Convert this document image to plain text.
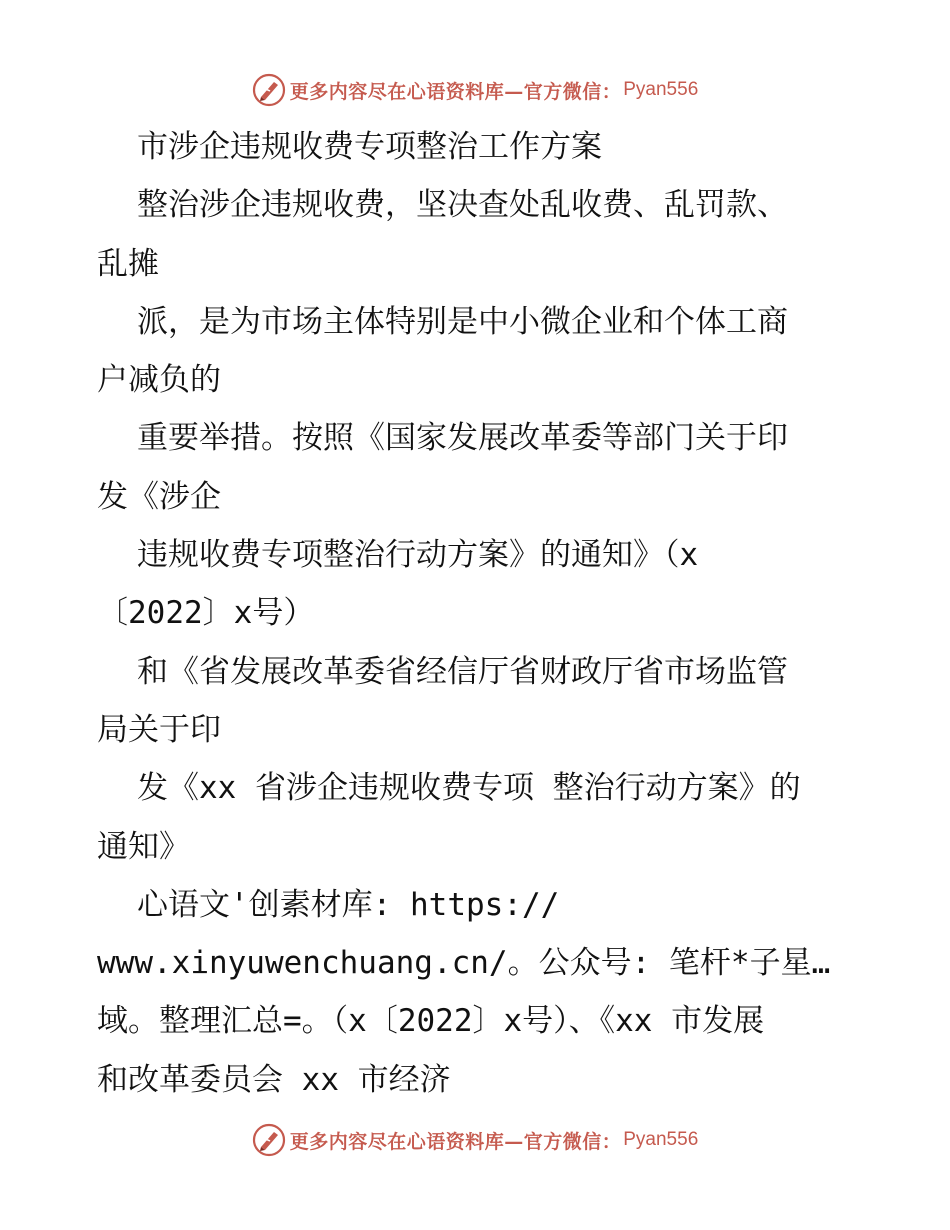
更多内容尽在心语资料库—官方微信： Pyan556
市涉企违规收费专项整治工作方案
整治涉企违规收费，坚决查处乱收费、乱罚款、
乱摊
派，是为市场主体特别是中小微企业和个体工商
户减负的
重要举措。按照《国家发展改革委等部门关于印
发《涉企
违规收费专项整治行动方案》的通知》（x
〔2022〕x号）
和《省发展改革委省经信厅省财政厅省市场监管
局关于印
发《xx 省涉企违规收费专项 整治行动方案》的
通知》
心语文'创素材库: https://
www.xinyuwenchuang.cn/。公众号: 笔杆*子星…
域。整理汇总=。（x〔2022〕x号）、《xx 市发展
和改革委员会 xx 市经济
更多内容尽在心语资料库—官方微信： Pyan556
